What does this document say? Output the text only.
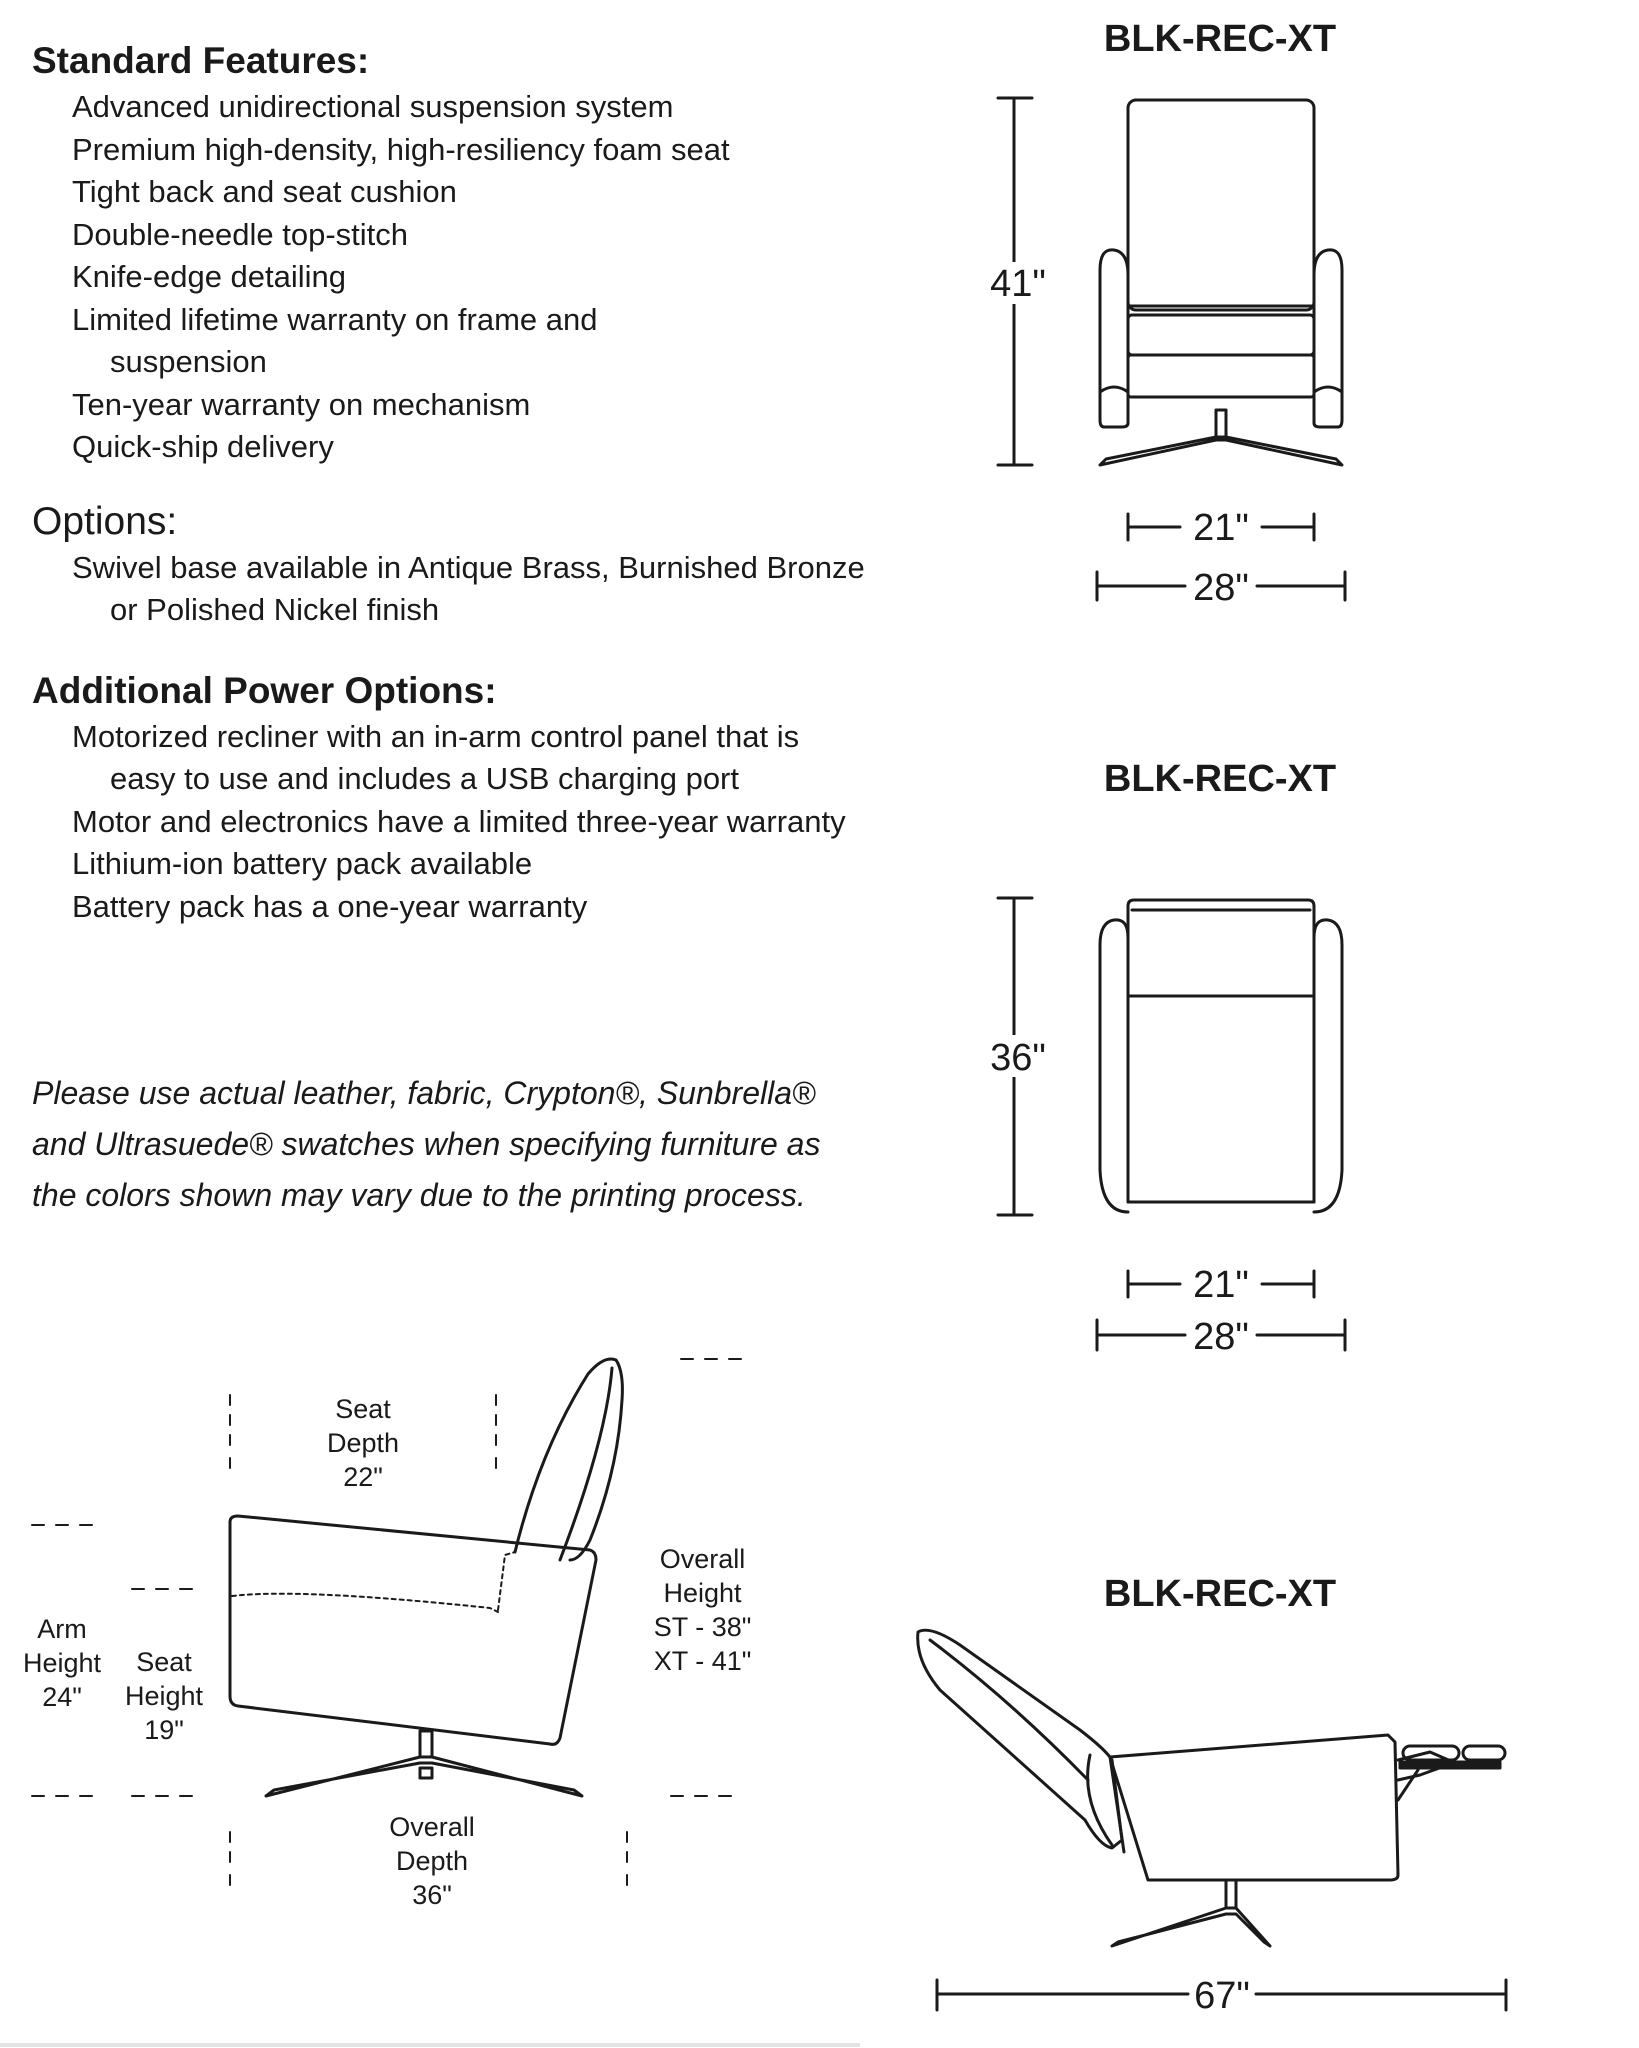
Standard Features:
Advanced unidirectional suspension system
Premium high-density, high-resiliency foam seat
Tight back and seat cushion
Double-needle top-stitch
Knife-edge detailing
Limited lifetime warranty on frame and suspension
Ten-year warranty on mechanism
Quick-ship delivery
Options:
Swivel base available in Antique Brass, Burnished Bronze or Polished Nickel finish
Additional Power Options:
Motorized recliner with an in-arm control panel that is easy to use and includes a USB charging port
Motor and electronics have a limited three-year warranty
Lithium-ion battery pack available
Battery pack has a one-year warranty
Please use actual leather, fabric, Crypton®, Sunbrella® and Ultrasuede® swatches when specifying furniture as the colors shown may vary due to the printing process.
BLK-REC-XT
BLK-REC-XT
BLK-REC-XT
41"
21"
28"
36"
21"
28"
67"
Seat
Depth
22"
Overall
Height
ST - 38"
XT - 41"
Arm
Height
24"
Seat
Height
19"
Overall
Depth
36"
